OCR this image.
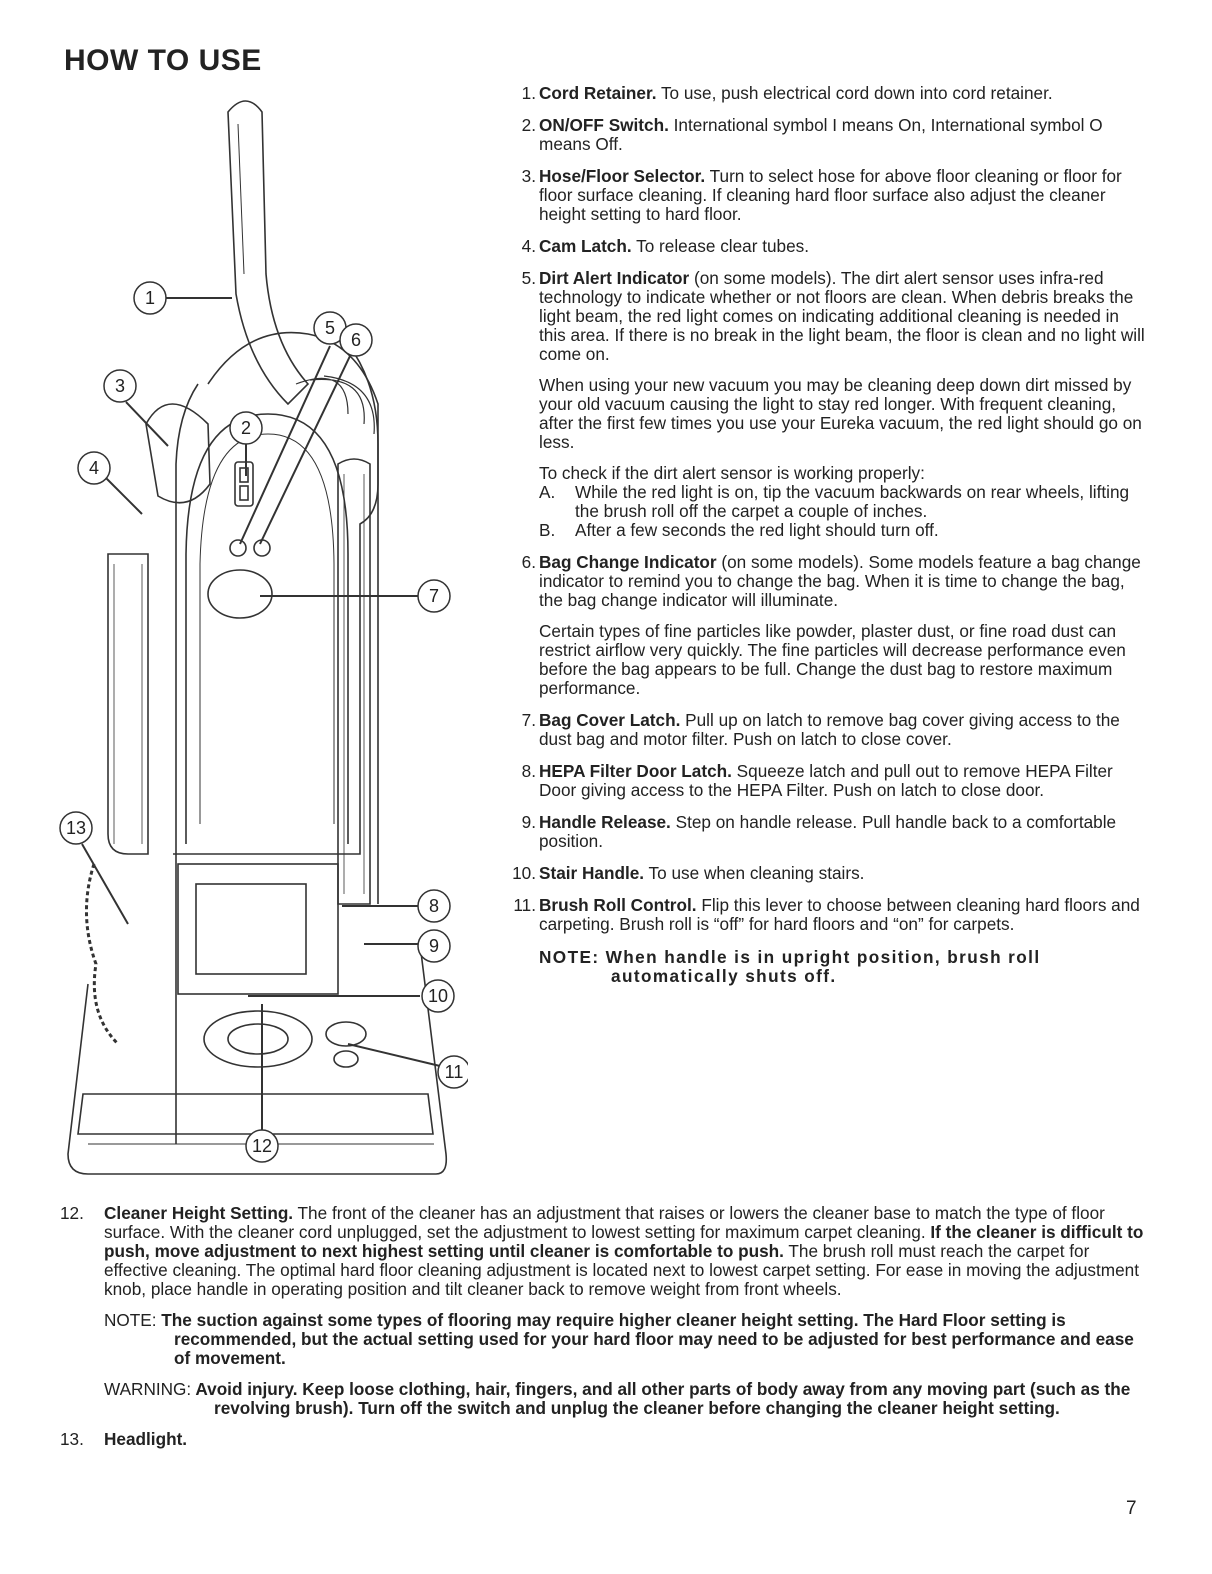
HOW TO USE
1
2
3
4
5
6
7
8
9
10
11
12
13
1. Cord Retainer. To use, push electrical cord down into cord retainer.
2. ON/OFF Switch. International symbol I means On, International symbol O means Off.
3. Hose/Floor Selector. Turn to select hose for above floor cleaning or floor for floor surface cleaning. If cleaning hard floor surface also adjust the cleaner height setting to hard floor.
4. Cam Latch. To release clear tubes.
5. Dirt Alert Indicator (on some models). The dirt alert sensor uses infra-red technology to indicate whether or not floors are clean. When debris breaks the light beam, the red light comes on indicating additional cleaning is needed in this area. If there is no break in the light beam, the floor is clean and no light will come on.

When using your new vacuum you may be cleaning deep down dirt missed by your old vacuum causing the light to stay red longer. With frequent cleaning, after the first few times you use your Eureka vacuum, the red light should go on less.

To check if the dirt alert sensor is working properly:

A. While the red light is on, tip the vacuum backwards on rear wheels, lifting the brush roll off the carpet a couple of inches.
B. After a few seconds the red light should turn off.
6. Bag Change Indicator (on some models). Some models feature a bag change indicator to remind you to change the bag. When it is time to change the bag, the bag change indicator will illuminate.

Certain types of fine particles like powder, plaster dust, or fine road dust can restrict airflow very quickly. The fine particles will decrease performance even before the bag appears to be full. Change the dust bag to restore maximum performance.

7. Bag Cover Latch. Pull up on latch to remove bag cover giving access to the dust bag and motor filter. Push on latch to close cover.
8. HEPA Filter Door Latch. Squeeze latch and pull out to remove HEPA Filter Door giving access to the HEPA Filter. Push on latch to close door.
9. Handle Release. Step on handle release. Pull handle back to a comfortable position.
10. Stair Handle. To use when cleaning stairs.
11. Brush Roll Control. Flip this lever to choose between cleaning hard floors and carpeting. Brush roll is “off” for hard floors and “on” for carpets.

NOTE: When handle is in upright position, brush roll automatically shuts off.

12. Cleaner Height Setting. The front of the cleaner has an adjustment that raises or lowers the cleaner base to match the type of floor surface. With the cleaner cord unplugged, set the adjustment to lowest setting for maximum carpet cleaning. If the cleaner is difficult to push, move adjustment to next highest setting until cleaner is comfortable to push. The brush roll must reach the carpet for effective cleaning. The optimal hard floor cleaning adjustment is located next to lowest carpet setting. For ease in moving the adjustment knob, place handle in operating position and tilt cleaner back to remove weight from front wheels.
NOTE: The suction against some types of flooring may require higher cleaner height setting. The Hard Floor setting is recommended, but the actual setting used for your hard floor may need to be adjusted for best performance and ease of movement.
WARNING: Avoid injury. Keep loose clothing, hair, fingers, and all other parts of body away from any moving part (such as the revolving brush). Turn off the switch and unplug the cleaner before changing the cleaner height setting.
13. Headlight.
7
